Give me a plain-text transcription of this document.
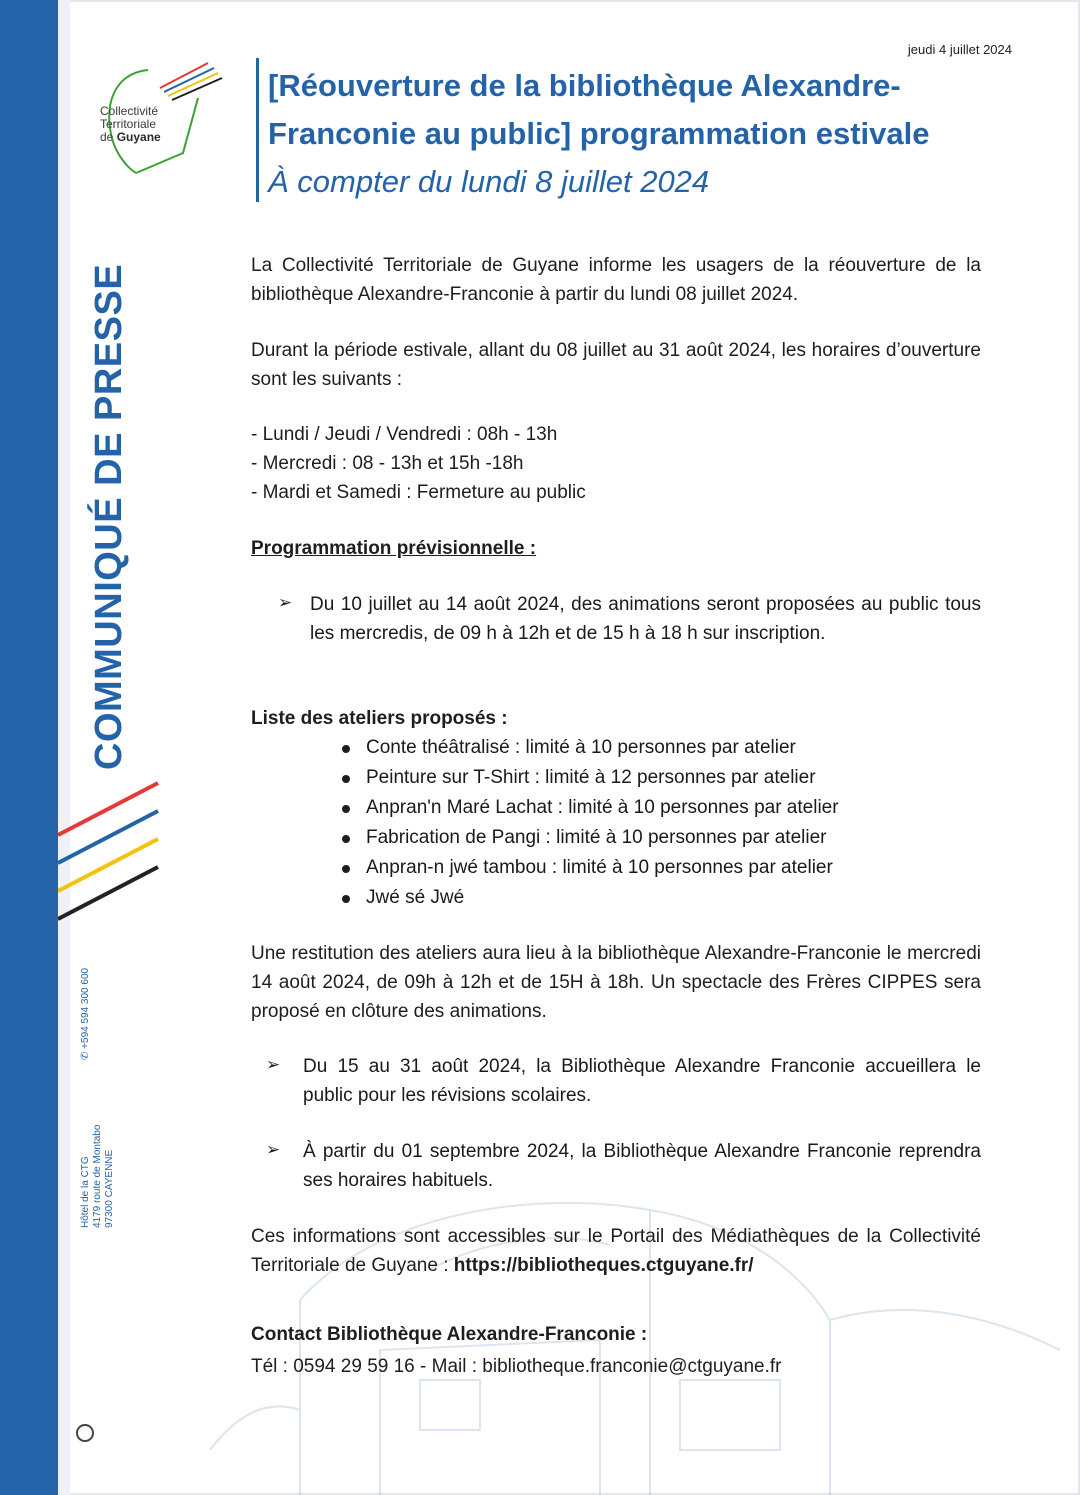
Collectivité
Territoriale
de Guyane
COMMUNIQUÉ DE PRESSE
WWW.CTGUYANE.FR ✆ +594 594 300 600
Hôtel de la CTG 4179 route de Montabo 97300 CAYENNE
jeudi 4 juillet 2024
[Réouverture de la bibliothèque Alexandre-Franconie au public] programmation estivale
À compter du lundi 8 juillet 2024
La Collectivité Territoriale de Guyane informe les usagers de la réouverture de la bibliothèque Alexandre-Franconie à partir du lundi 08 juillet 2024.
Durant la période estivale, allant du 08 juillet au 31 août 2024, les horaires d’ouverture sont les suivants :
- Lundi / Jeudi / Vendredi : 08h - 13h
- Mercredi : 08 - 13h et 15h -18h
- Mardi et Samedi : Fermeture au public
Programmation prévisionnelle :
➢ Du 10 juillet au 14 août 2024, des animations seront proposées au public tous les mercredis, de 09 h à 12h et de 15 h à 18 h sur inscription.
Liste des ateliers proposés :
Conte théâtralisé : limité à 10 personnes par atelier
Peinture sur T-Shirt : limité à 12 personnes par atelier
Anpran'n Maré Lachat : limité à 10 personnes par atelier
Fabrication de Pangi : limité à 10 personnes par atelier
Anpran-n jwé tambou : limité à 10 personnes par atelier
Jwé sé Jwé
Une restitution des ateliers aura lieu à la bibliothèque Alexandre-Franconie le mercredi 14 août 2024, de 09h à 12h et de 15H à 18h. Un spectacle des Frères CIPPES sera proposé en clôture des animations.
➢ Du 15 au 31 août 2024, la Bibliothèque Alexandre Franconie accueillera le public pour les révisions scolaires.
➢ À partir du 01 septembre 2024, la Bibliothèque Alexandre Franconie reprendra ses horaires habituels.
Ces informations sont accessibles sur le Portail des Médiathèques de la Collectivité Territoriale de Guyane : https://bibliotheques.ctguyane.fr/
Contact Bibliothèque Alexandre-Franconie :
Tél : 0594 29 59 16 - Mail : bibliotheque.franconie@ctguyane.fr
